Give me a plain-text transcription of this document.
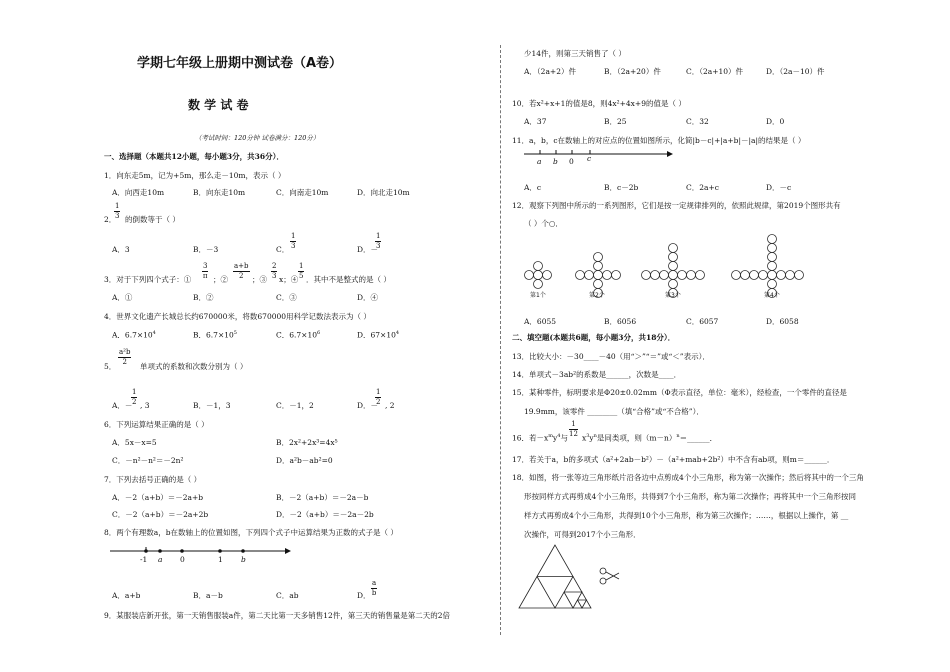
学期七年级上册期中测试卷（A卷）
数 学 试 卷
（考试时间：120分钟 试卷满分：120分）
一、选择题（本题共12小题，每小题3分，共36分）．
1．向东走5m，记为+5m，那么走－10m，表示（ ）
A．向西走10m	B．向东走10m	C．向南走10m	D．向北走10m
2．
$\frac{1}{3}$ 的倒数等于（ ）
A．3	B．－3	C． $\frac{1}{3}$	D．－
$\frac{1}{3}$
3．对于下列四个式子：① $\frac{3}{\pi}$ ；② $\frac{a+b}{2}$ ；③ $\frac{2}{3}$ x；④ $\frac{1}{5}$ ．其中不是整式的是（ ）
A．①	B．②	C．③	D．④
4．世界文化遗产长城总长约670000米，将数670000用科学记数法表示为（ ）
A．$6.7\times 10^4$	B．$6.7\times 10^5$	C．$6.7\times 10^6$	D．$67\times 10^4$
5．
$\frac{\text{a²b}}{2}$
单项式的系数和次数分别为（ ）
A．－
$\frac{1}{2}$ , 3	B．－1，3	C．－1，2	D．－
$\frac{1}{2}$ , 2
6．下列运算结果正确的是（ ）
A．5x－x=5	B．2x²+2x³=4x⁵
C．－n²－n²＝－2n²	D．a²b－ab²=0
7．下列去括号正确的是（ ）
A．－2（a+b）＝－2a+b	B．－2（a+b）＝－2a－b
C．－2（a+b）＝－2a+2b	D．－2（a+b）＝－2a－2b
8．两个有理数a，b在数轴上的位置如图，下列四个式子中运算结果为正数的式子是（ ）
-1 a 0	1 b
A．a+b	B．a－b	C．ab	D． $\frac{a}{b}$
9．某服装店新开张，第一天销售服装a件，第二天比第一天多销售12件，第三天的销售量是第二天的2倍
少14件，则第三天销售了（ ）
A．（2a+2）件	B．（2a+20）件	C．（2a+10）件	D．（2a－10）件
10．若x²+x+1的值是8，则4x²+4x+9的值是（ ）
A．37	B．25	C．32	D．0
11．a，b，c在数轴上的对应点的位置如图所示，化简|b－c|+|a+b|－|a|的结果是（ ）
a b 0 c
A．c	B．c－2b	C．2a+c	D．－c
12．观察下列图中所示的一系列图形，它们是按一定规律排列的，依照此规律，第2019个图形共有
（ ）个○．
第1个	第2个	第3个	第4个
A．6055	B．6056	C．6057	D．6058
二、填空题(本题共6题，每小题3分，共18分）．
13．比较大小：－30____－40（用“＞”“＝”或“＜”表示）．
14．单项式－3ab²的系数是______，次数是____．
15．某种零件，标明要求是Φ20±0.02mm（Φ表示直径，单位：毫米），经检查，一个零件的直径是
19.9mm，该零件 ________（填“合格”或“不合格”）．
16．若$-x^my^4$与 $\frac{1}{12} x^3y^n$是同类项，则$(m-n)^n=\_\_\_\_\_\_$．
17．若关于a，b的多项式（a²+2ab－b²）－（a²+mab+2b²）中不含有ab项，则m＝______．
18．如图，将一张等边三角形纸片沿各边中点剪成4个小三角形，称为第一次操作；然后将其中的一个三角
形按同样方式再剪成4个小三角形，共得到7个小三角形，称为第二次操作；再将其中一个三角形按同
样方式再剪成4个小三角形，共得到10个小三角形，称为第三次操作；……，根据以上操作，第 __
次操作，可得到2017个小三角形．
